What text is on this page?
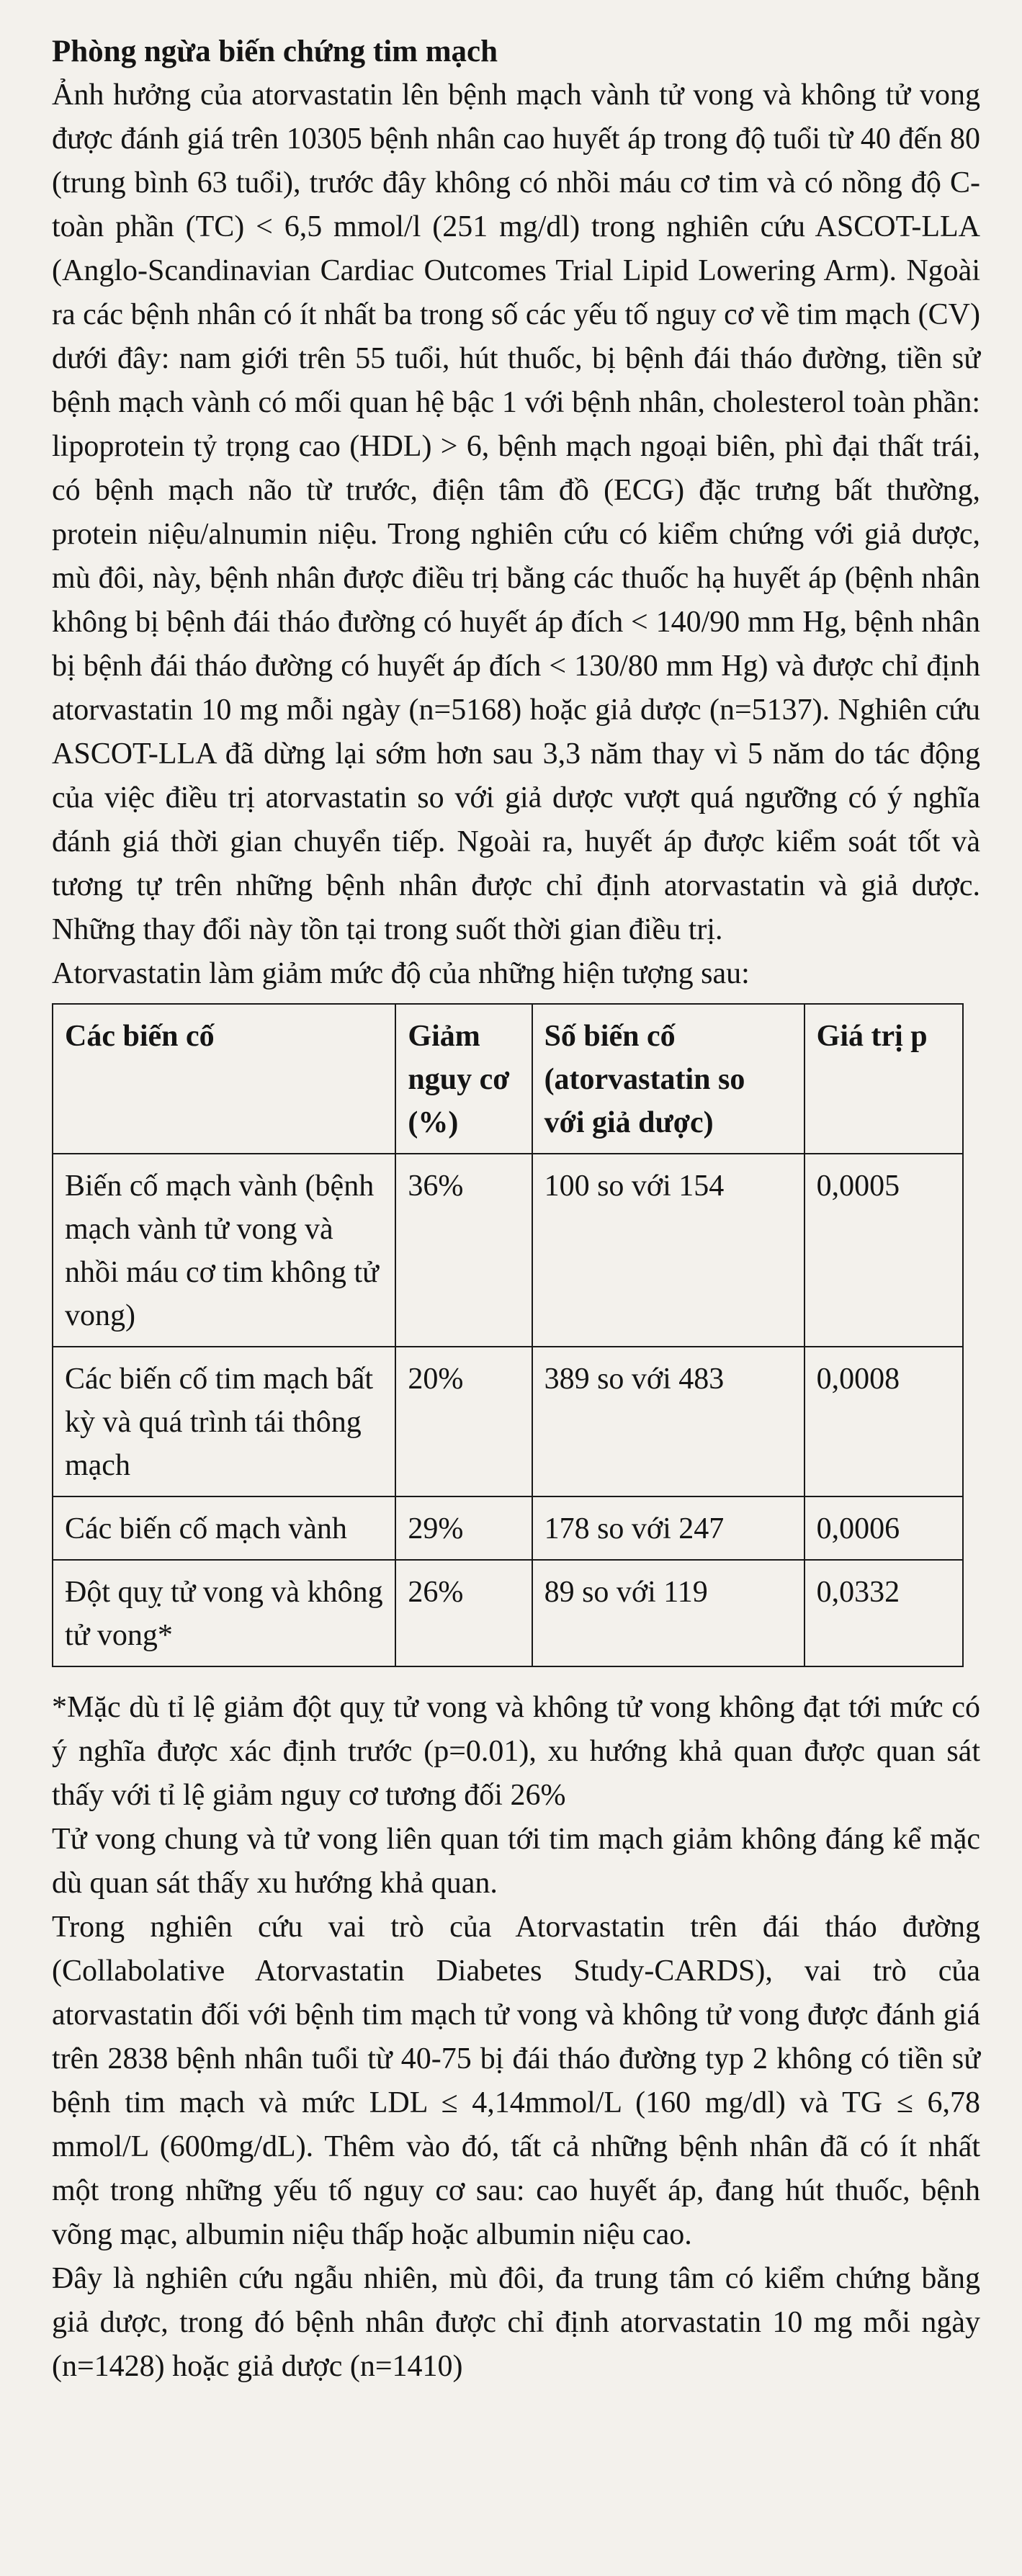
Phòng ngừa biến chứng tim mạch

Ảnh hưởng của atorvastatin lên bệnh mạch vành tử vong và không tử vong được đánh giá trên 10305 bệnh nhân cao huyết áp trong độ tuổi từ 40 đến 80 (trung bình 63 tuổi), trước đây không có nhồi máu cơ tim và có nồng độ C- toàn phần (TC) < 6,5 mmol/l (251 mg/dl) trong nghiên cứu ASCOT-LLA (Anglo-Scandinavian Cardiac Outcomes Trial Lipid Lowering Arm). Ngoài ra các bệnh nhân có ít nhất ba trong số các yếu tố nguy cơ về tim mạch (CV) dưới đây: nam giới trên 55 tuổi, hút thuốc, bị bệnh đái tháo đường, tiền sử bệnh mạch vành có mối quan hệ bậc 1 với bệnh nhân, cholesterol toàn phần: lipoprotein tỷ trọng cao (HDL) > 6, bệnh mạch ngoại biên, phì đại thất trái, có bệnh mạch não từ trước, điện tâm đồ (ECG) đặc trưng bất thường, protein niệu/alnumin niệu. Trong nghiên cứu có kiểm chứng với giả dược, mù đôi, này, bệnh nhân được điều trị bằng các thuốc hạ huyết áp (bệnh nhân không bị bệnh đái tháo đường có huyết áp đích < 140/90 mm Hg, bệnh nhân bị bệnh đái tháo đường có huyết áp đích < 130/80 mm Hg) và được chỉ định atorvastatin 10 mg mỗi ngày (n=5168) hoặc giả dược (n=5137). Nghiên cứu ASCOT-LLA đã dừng lại sớm hơn sau 3,3 năm thay vì 5 năm do tác động của việc điều trị atorvastatin so với giả dược vượt quá ngưỡng có ý nghĩa đánh giá thời gian chuyển tiếp. Ngoài ra, huyết áp được kiểm soát tốt và tương tự trên những bệnh nhân được chỉ định atorvastatin và giả dược. Những thay đổi này tồn tại trong suốt thời gian điều trị.

Atorvastatin làm giảm mức độ của những hiện tượng sau:

Các biến cố	Giảm nguy cơ (%)	Số biến cố (atorvastatin so với giả dược)	Giá trị p
Biến cố mạch vành (bệnh mạch vành tử vong và nhồi máu cơ tim không tử vong)	36%	100 so với 154	0,0005
Các biến cố tim mạch bất kỳ và quá trình tái thông mạch	20%	389 so với 483	0,0008
Các biến cố mạch vành	29%	178 so với 247	0,0006
Đột quỵ tử vong và không tử vong*	26%	89 so với 119	0,0332

*Mặc dù tỉ lệ giảm đột quỵ tử vong và không tử vong không đạt tới mức có ý nghĩa được xác định trước (p=0.01), xu hướng khả quan được quan sát thấy với tỉ lệ giảm nguy cơ tương đối 26%

Tử vong chung và tử vong liên quan tới tim mạch giảm không đáng kể mặc dù quan sát thấy xu hướng khả quan.

Trong nghiên cứu vai trò của Atorvastatin trên đái tháo đường (Collabolative Atorvastatin Diabetes Study-CARDS), vai trò của atorvastatin đối với bệnh tim mạch tử vong và không tử vong được đánh giá trên 2838 bệnh nhân tuổi từ 40-75 bị đái tháo đường typ 2 không có tiền sử bệnh tim mạch và mức LDL ≤ 4,14mmol/L (160 mg/dl) và TG ≤ 6,78 mmol/L (600mg/dL). Thêm vào đó, tất cả những bệnh nhân đã có ít nhất một trong những yếu tố nguy cơ sau: cao huyết áp, đang hút thuốc, bệnh võng mạc, albumin niệu thấp hoặc albumin niệu cao.

Đây là nghiên cứu ngẫu nhiên, mù đôi, đa trung tâm có kiểm chứng bằng giả dược, trong đó bệnh nhân được chỉ định atorvastatin 10 mg mỗi ngày (n=1428) hoặc giả dược (n=1410)
